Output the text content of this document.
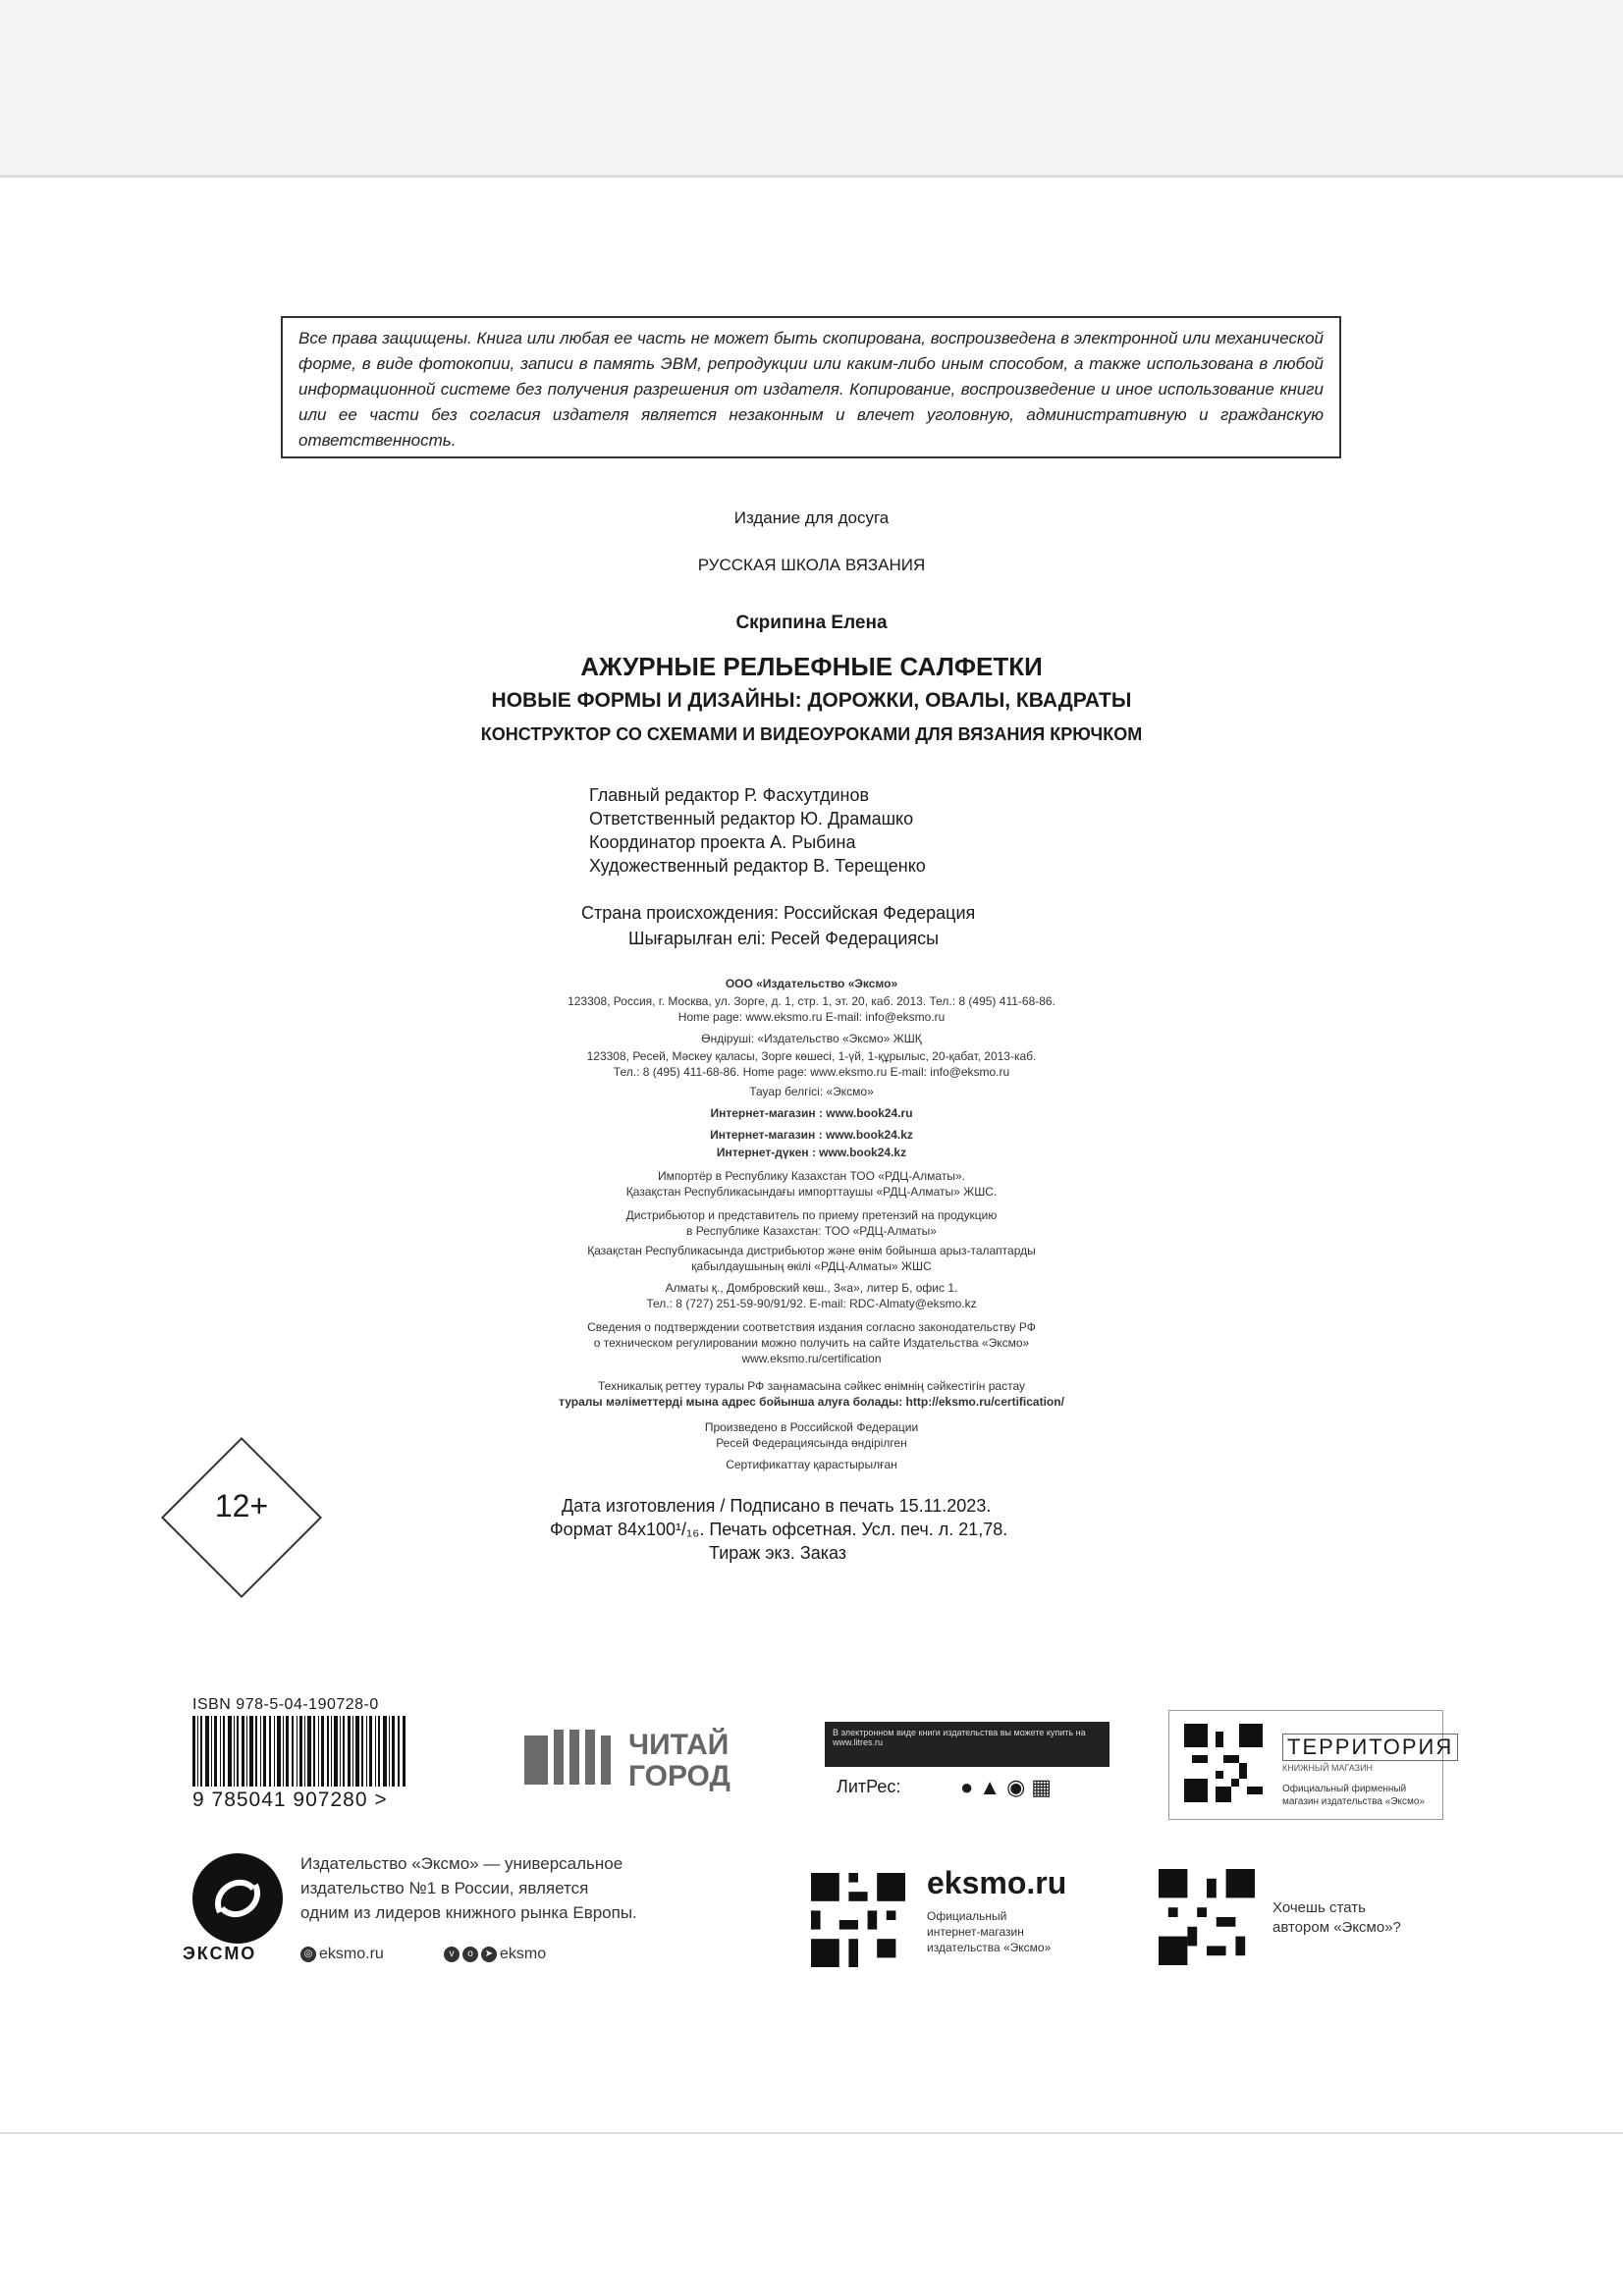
Все права защищены. Книга или любая ее часть не может быть скопирована, воспроизведена в электронной или механической форме, в виде фотокопии, записи в память ЭВМ, репродукции или каким-либо иным способом, а также использована в любой информационной системе без получения разрешения от издателя. Копирование, воспроизведение и иное использование книги или ее части без согласия издателя является незаконным и влечет уголовную, административную и гражданскую ответственность.
Издание для досуга
РУССКАЯ ШКОЛА ВЯЗАНИЯ
Скрипина Елена
АЖУРНЫЕ РЕЛЬЕФНЫЕ САЛФЕТКИ
НОВЫЕ ФОРМЫ И ДИЗАЙНЫ: ДОРОЖКИ, ОВАЛЫ, КВАДРАТЫ
КОНСТРУКТОР СО СХЕМАМИ И ВИДЕОУРОКАМИ ДЛЯ ВЯЗАНИЯ КРЮЧКОМ
Главный редактор Р. Фасхутдинов
Ответственный редактор Ю. Драмашко
Координатор проекта А. Рыбина
Художественный редактор В. Терещенко
Страна происхождения: Российская Федерация
Шығарылған елі: Ресей Федерациясы
ООО «Издательство «Эксмо»
123308, Россия, г. Москва, ул. Зорге, д. 1, стр. 1, эт. 20, каб. 2013. Тел.: 8 (495) 411-68-86.
Home page: www.eksmo.ru E-mail: info@eksmo.ru
Өндіруші: «Издательство «Эксмо» ЖШҚ
123308, Ресей, Мәскеу қаласы, Зорге көшесі, 1-үй, 1-құрылыс, 20-қабат, 2013-каб.
Тел.: 8 (495) 411-68-86. Home page: www.eksmo.ru E-mail: info@eksmo.ru
Тауар белгісі: «Эксмо»
Интернет-магазин : www.book24.ru
Интернет-магазин : www.book24.kz
Интернет-дүкен : www.book24.kz
Импортёр в Республику Казахстан ТОО «РДЦ-Алматы».
Қазақстан Республикасындағы импорттаушы «РДЦ-Алматы» ЖШС.
Дистрибьютор и представитель по приему претензий на продукцию
в Республике Казахстан: ТОО «РДЦ-Алматы»
Қазақстан Республикасында дистрибьютор және өнім бойынша арыз-талаптарды
қабылдаушының өкілі «РДЦ-Алматы» ЖШС
Алматы қ., Домбровский көш., 3«а», литер Б, офис 1.
Тел.: 8 (727) 251-59-90/91/92. E-mail: RDC-Almaty@eksmo.kz
Сведения о подтверждении соответствия издания согласно законодательству РФ
о техническом регулировании можно получить на сайте Издательства «Эксмо»
www.eksmo.ru/certification
Техникалық реттеу туралы РФ заңнамасына сәйкес өнімнің сәйкестігін растау
туралы мәліметтерді мына адрес бойынша алуға болады: http://eksmo.ru/certification/
Произведено в Российской Федерации
Ресей Федерациясында өндірілген
Сертификаттау қарастырылған
12+	Дата изготовления / Подписано в печать 15.11.2023.
Формат 84x100¹/₁₆. Печать офсетная. Усл. печ. л. 21,78.
Тираж экз. Заказ
ISBN 978-5-04-190728-0
9 785041 907280 >
ЧИТАЙ
ГОРОД
В электронном виде книги издательства вы можете купить на www.litres.ru
ЛитРес:	●▲◉▦
ТЕРРИТОРИЯ
КНИЖНЫЙ МАГАЗИН
Официальный фирменный магазин издательства «Эксмо»
ЭКСМО
Издательство «Эксмо» — универсальное
издательство №1 в России, является
одним из лидеров книжного рынка Европы.
◎ eksmo.ru	v o ➤ eksmo
eksmo.ru
Официальный
интернет-магазин
издательства «Эксмо»
Хочешь стать
автором «Эксмо»?
